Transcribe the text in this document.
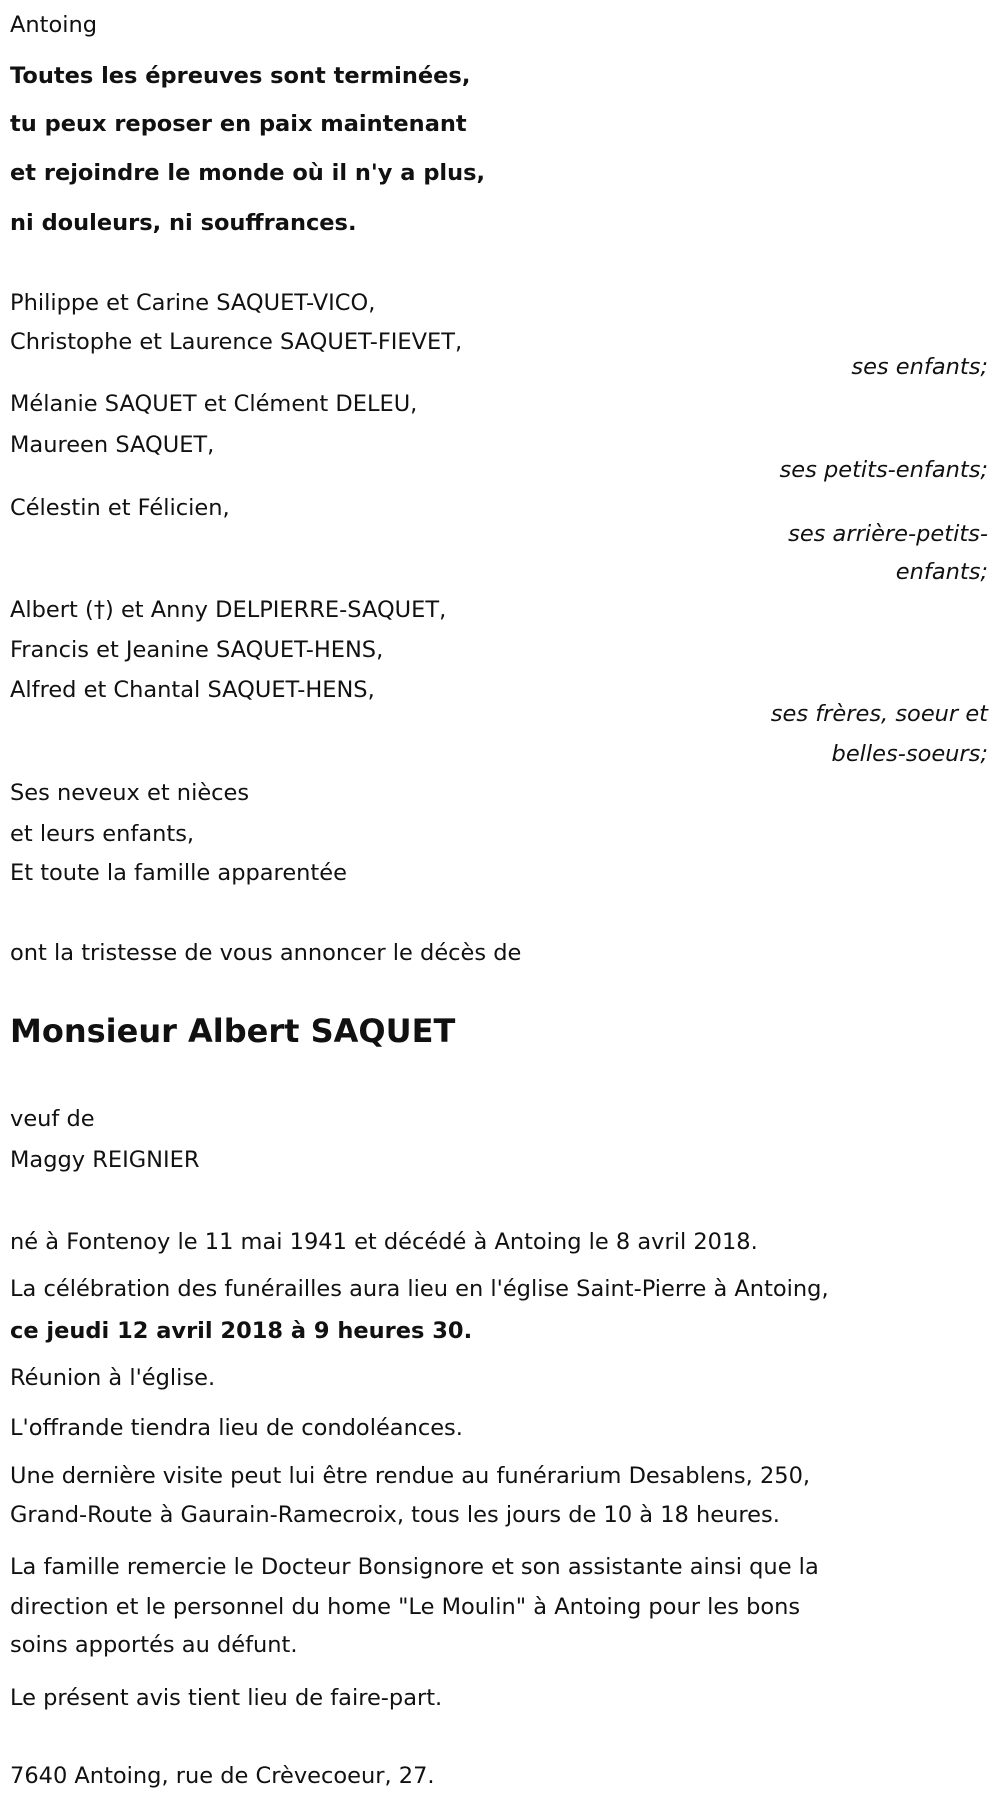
Antoing
Toutes les épreuves sont terminées,
tu peux reposer en paix maintenant
et rejoindre le monde où il n'y a plus,
ni douleurs, ni souffrances.
Philippe et Carine SAQUET-VICO,
Christophe et Laurence SAQUET-FIEVET,
ses enfants;
Mélanie SAQUET et Clément DELEU,
Maureen SAQUET,
ses petits-enfants;
Célestin et Félicien,
ses arrière-petits-
enfants;
Albert (†) et Anny DELPIERRE-SAQUET,
Francis et Jeanine SAQUET-HENS,
Alfred et Chantal SAQUET-HENS,
ses frères, soeur et
belles-soeurs;
Ses neveux et nièces
et leurs enfants,
Et toute la famille apparentée
ont la tristesse de vous annoncer le décès de
Monsieur Albert SAQUET
veuf de
Maggy REIGNIER
né à Fontenoy le 11 mai 1941 et décédé à Antoing le 8 avril 2018.
La célébration des funérailles aura lieu en l'église Saint-Pierre à Antoing,
ce jeudi 12 avril 2018 à 9 heures 30.
Réunion à l'église.
L'offrande tiendra lieu de condoléances.
Une dernière visite peut lui être rendue au funérarium Desablens, 250,
Grand-Route à Gaurain-Ramecroix, tous les jours de 10 à 18 heures.
La famille remercie le Docteur Bonsignore et son assistante ainsi que la
direction et le personnel du home "Le Moulin" à Antoing pour les bons
soins apportés au défunt.
Le présent avis tient lieu de faire-part.
7640 Antoing, rue de Crèvecoeur, 27.
